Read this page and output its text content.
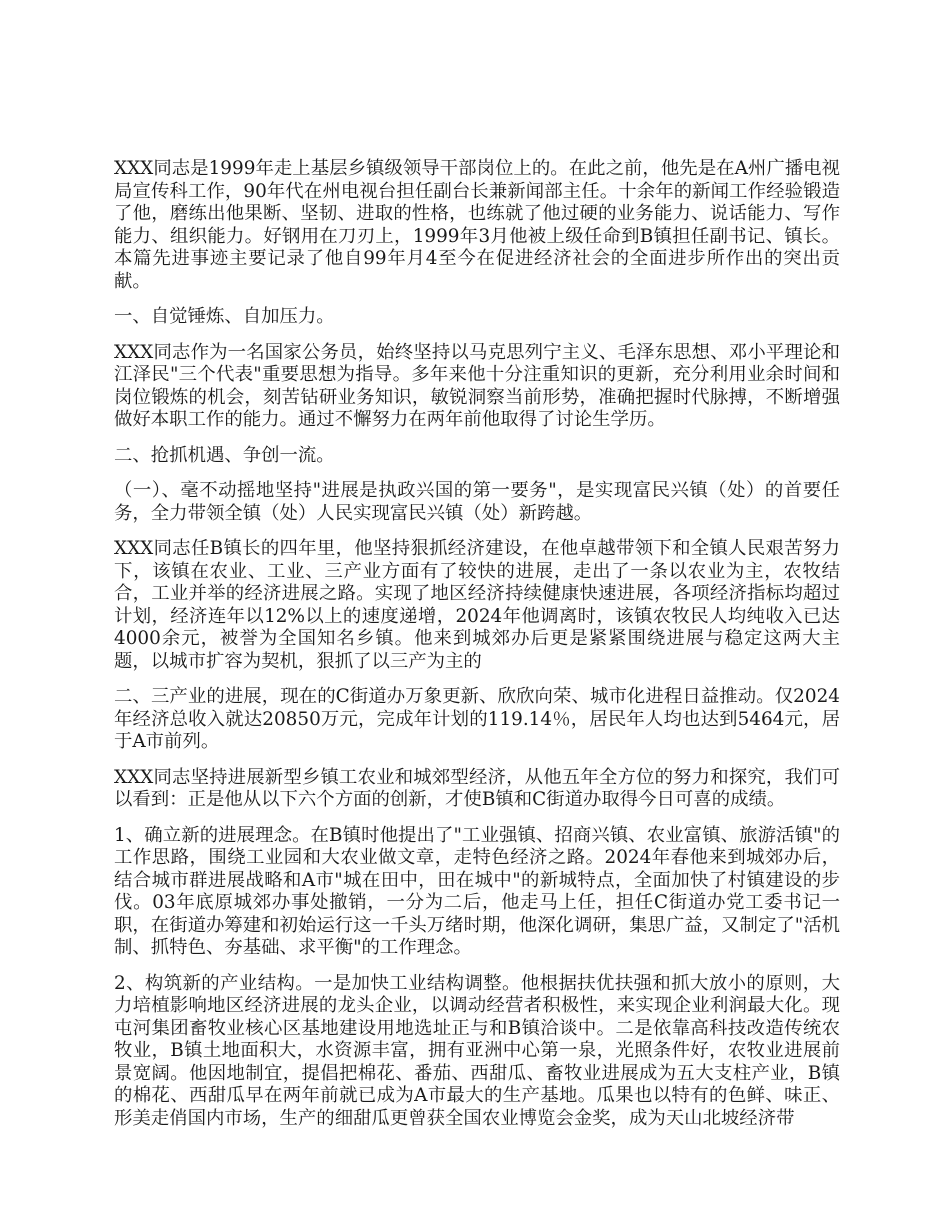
XXX同志是1999年走上基层乡镇级领导干部岗位上的。在此之前，他先是在A州广播电视局宣传科工作，90年代在州电视台担任副台长兼新闻部主任。十余年的新闻工作经验锻造了他，磨练出他果断、坚韧、进取的性格，也练就了他过硬的业务能力、说话能力、写作能力、组织能力。好钢用在刀刃上，1999年3月他被上级任命到B镇担任副书记、镇长。本篇先进事迹主要记录了他自99年月4至今在促进经济社会的全面进步所作出的突出贡献。

一、自觉锤炼、自加压力。

XXX同志作为一名国家公务员，始终坚持以马克思列宁主义、毛泽东思想、邓小平理论和江泽民"三个代表"重要思想为指导。多年来他十分注重知识的更新，充分利用业余时间和岗位锻炼的机会，刻苦钻研业务知识，敏锐洞察当前形势，准确把握时代脉搏，不断增强做好本职工作的能力。通过不懈努力在两年前他取得了讨论生学历。

二、抢抓机遇、争创一流。

（一）、毫不动摇地坚持"进展是执政兴国的第一要务"，是实现富民兴镇（处）的首要任务，全力带领全镇（处）人民实现富民兴镇（处）新跨越。

XXX同志任B镇长的四年里，他坚持狠抓经济建设，在他卓越带领下和全镇人民艰苦努力下，该镇在农业、工业、三产业方面有了较快的进展，走出了一条以农业为主，农牧结合，工业并举的经济进展之路。实现了地区经济持续健康快速进展，各项经济指标均超过计划，经济连年以12%以上的速度递增，2024年他调离时，该镇农牧民人均纯收入已达4000余元，被誉为全国知名乡镇。他来到城郊办后更是紧紧围绕进展与稳定这两大主题，以城市扩容为契机，狠抓了以三产为主的

二、三产业的进展，现在的C街道办万象更新、欣欣向荣、城市化进程日益推动。仅2024年经济总收入就达20850万元，完成年计划的119.14％，居民年人均也达到5464元，居于A市前列。

XXX同志坚持进展新型乡镇工农业和城郊型经济，从他五年全方位的努力和探究，我们可以看到：正是他从以下六个方面的创新，才使B镇和C街道办取得今日可喜的成绩。

1、确立新的进展理念。在B镇时他提出了"工业强镇、招商兴镇、农业富镇、旅游活镇"的工作思路，围绕工业园和大农业做文章，走特色经济之路。2024年春他来到城郊办后，结合城市群进展战略和A市"城在田中，田在城中"的新城特点，全面加快了村镇建设的步伐。03年底原城郊办事处撤销，一分为二后，他走马上任，担任C街道办党工委书记一职，在街道办筹建和初始运行这一千头万绪时期，他深化调研，集思广益，又制定了"活机制、抓特色、夯基础、求平衡"的工作理念。

2、构筑新的产业结构。一是加快工业结构调整。他根据扶优扶强和抓大放小的原则，大力培植影响地区经济进展的龙头企业，以调动经营者积极性，来实现企业利润最大化。现屯河集团畜牧业核心区基地建设用地选址正与和B镇洽谈中。二是依靠高科技改造传统农牧业，B镇土地面积大，水资源丰富，拥有亚洲中心第一泉，光照条件好，农牧业进展前景宽阔。他因地制宜，提倡把棉花、番茄、西甜瓜、畜牧业进展成为五大支柱产业，B镇的棉花、西甜瓜早在两年前就已成为A市最大的生产基地。瓜果也以特有的色鲜、味正、形美走俏国内市场，生产的细甜瓜更曾获全国农业博览会金奖，成为天山北坡经济带
